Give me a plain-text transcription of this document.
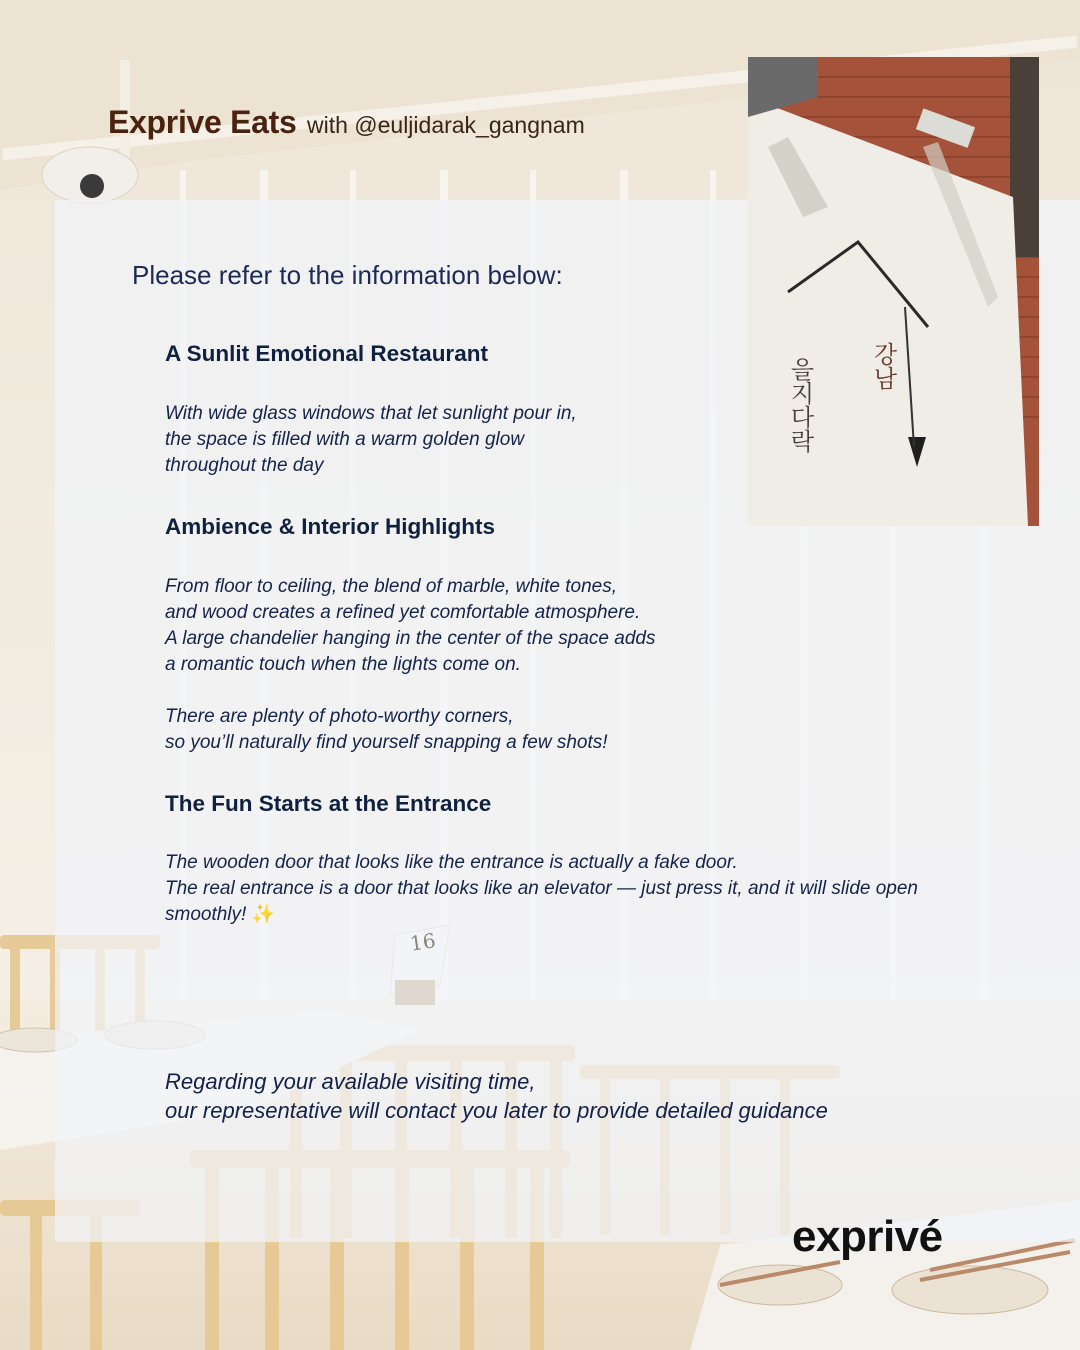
Exprive Eats with @euljidarak_gangnam
을지다락 강남
Please refer to the information below:
A Sunlit Emotional Restaurant
With wide glass windows that let sunlight pour in,
the space is filled with a warm golden glow
throughout the day
Ambience & Interior Highlights
From floor to ceiling, the blend of marble, white tones,
and wood creates a refined yet comfortable atmosphere.
A large chandelier hanging in the center of the space adds
a romantic touch when the lights come on.
There are plenty of photo-worthy corners,
so you’ll naturally find yourself snapping a few shots!
The Fun Starts at the Entrance
The wooden door that looks like the entrance is actually a fake door.
The real entrance is a door that looks like an elevator — just press it, and it will slide open
smoothly! ✨
Regarding your available visiting time,
our representative will contact you later to provide detailed guidance
exprivé
16
